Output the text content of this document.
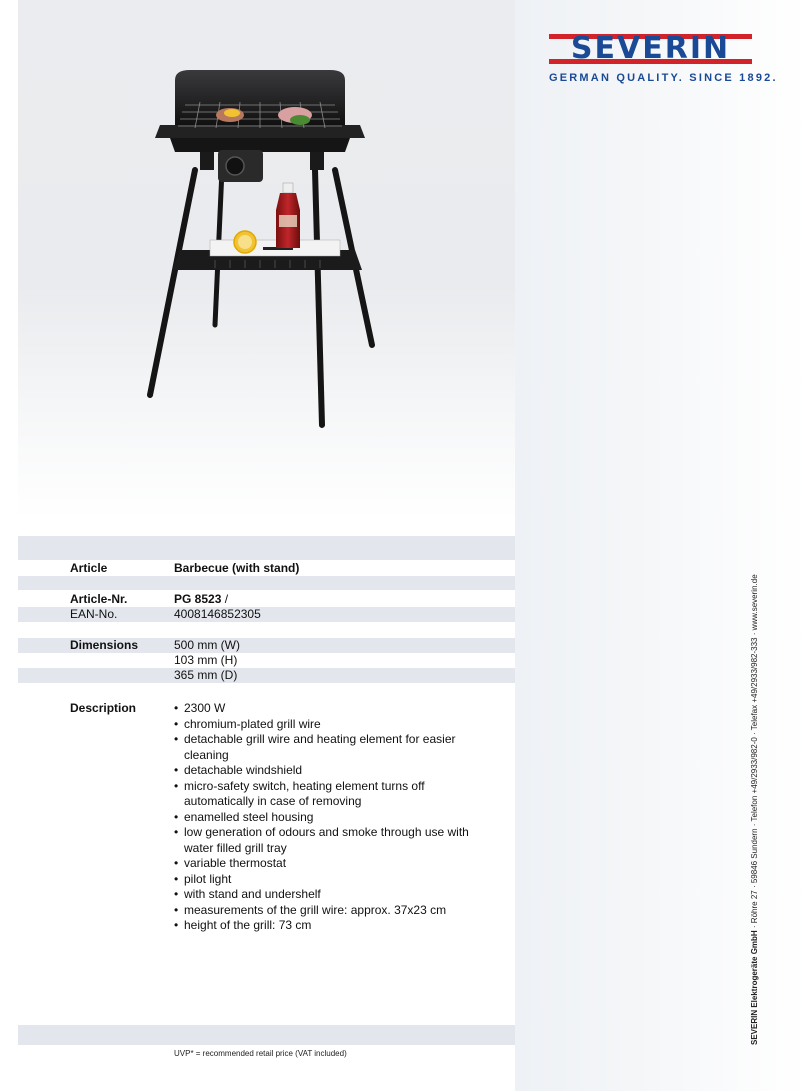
SEVERIN
GERMAN QUALITY. SINCE 1892.
Article	Barbecue (with stand)
Article-Nr.	PG 8523 /
EAN-No.	4008146852305
Dimensions	500 mm (W)
103 mm (H)
365 mm (D)
Description
•	2300 W
• chromium-plated grill wire
• detachable grill wire and heating element for easier cleaning
• detachable windshield
• micro-safety switch, heating element turns off automatically in case of removing
• enamelled steel housing
• low generation of odours and smoke through use with water filled grill tray
• variable thermostat
• pilot light
• with stand and undershelf
• measurements of the grill wire: approx. 37x23 cm
• height of the grill: 73 cm
UVP* = recommended retail price (VAT included)
SEVERIN Elektrogeräte GmbH · Röhre 27 · 59846 Sundern · Telefon +49/2933/982-0 · Telefax +49/2933/982-333 · www.severin.de
